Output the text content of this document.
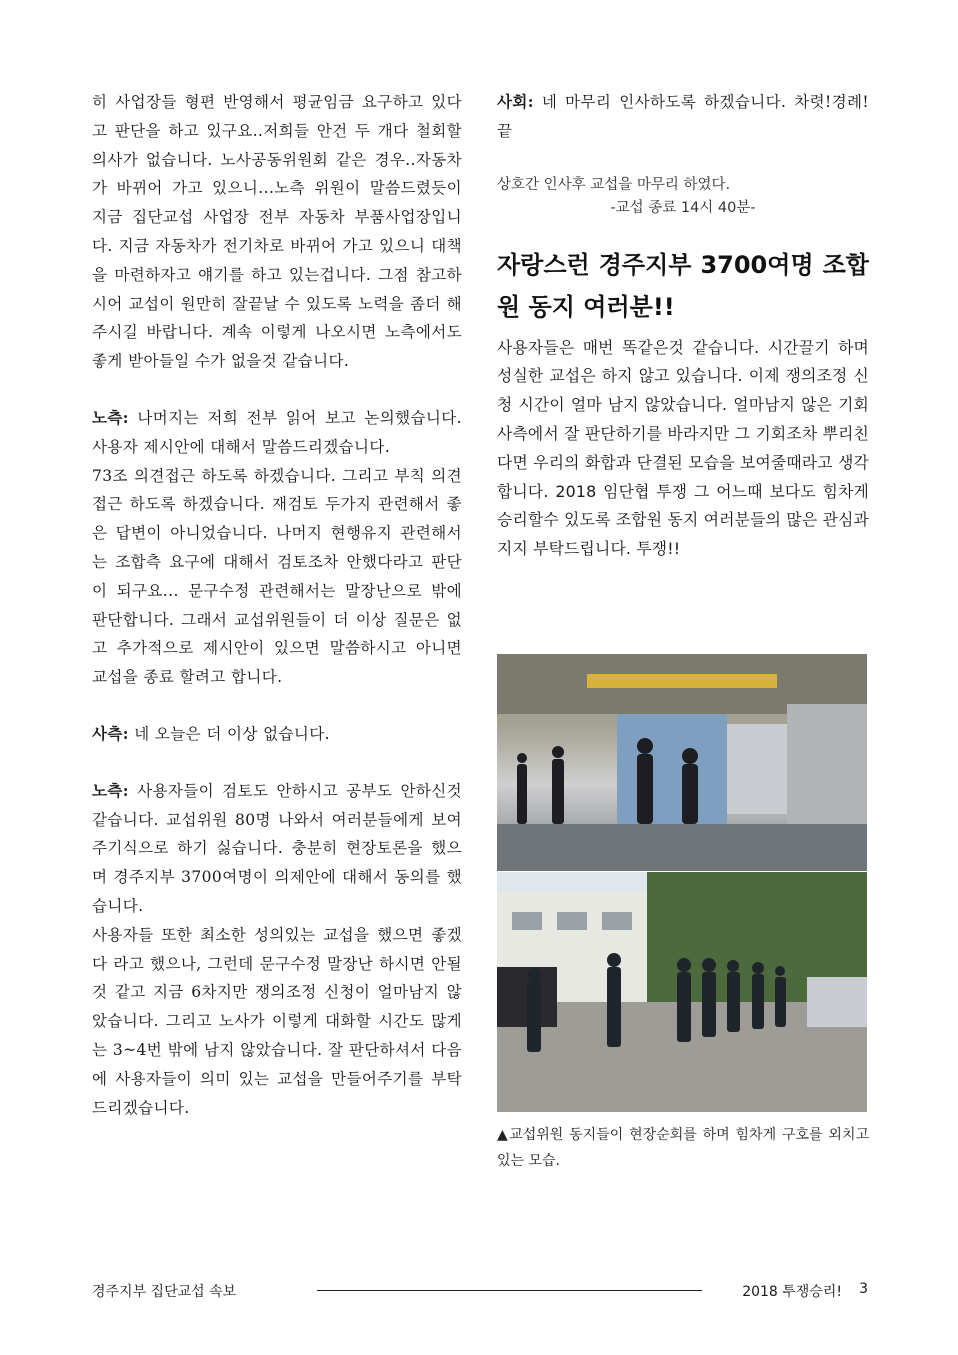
히 사업장들 형편 반영해서 평균임금 요구하고 있다고 판단을 하고 있구요..저희들 안건 두 개다 철회할 의사가 없습니다. 노사공동위원회 같은 경우..자동차가 바뀌어 가고 있으니...노측 위원이 말씀드렸듯이 지금 집단교섭 사업장 전부 자동차 부품사업장입니다. 지금 자동차가 전기차로 바뀌어 가고 있으니 대책을 마련하자고 얘기를 하고 있는겁니다. 그점 참고하시어 교섭이 원만히 잘끝날 수 있도록 노력을 좀더 해주시길 바랍니다. 계속 이렇게 나오시면 노측에서도 좋게 받아들일 수가 없을것 같습니다.

노측: 나머지는 저희 전부 읽어 보고 논의했습니다. 사용자 제시안에 대해서 말씀드리겠습니다.

73조 의견접근 하도록 하겠습니다. 그리고 부칙 의견접근 하도록 하겠습니다. 재검토 두가지 관련해서 좋은 답변이 아니었습니다. 나머지 현행유지 관련해서는 조합측 요구에 대해서 검토조차 안했다라고 판단이 되구요... 문구수정 관련해서는 말장난으로 밖에 판단합니다. 그래서 교섭위원들이 더 이상 질문은 없고 추가적으로 제시안이 있으면 말씀하시고 아니면 교섭을 종료 할려고 합니다.

사측: 네 오늘은 더 이상 없습니다.

노측: 사용자들이 검토도 안하시고 공부도 안하신것 같습니다. 교섭위원 80명 나와서 여러분들에게 보여주기식으로 하기 싫습니다. 충분히 현장토론을 했으며 경주지부 3700여명이 의제안에 대해서 동의를 했습니다.

사용자들 또한 최소한 성의있는 교섭을 했으면 좋겠다 라고 했으나, 그런데 문구수정 말장난 하시면 안될것 같고 지금 6차지만 쟁의조정 신청이 얼마남지 않았습니다. 그리고 노사가 이렇게 대화할 시간도 많게는 3~4번 밖에 남지 않았습니다. 잘 판단하셔서 다음에 사용자들이 의미 있는 교섭을 만들어주기를 부탁드리겠습니다.

사회: 네 마무리 인사하도록 하겠습니다. 차렷!경례! 끝

상호간 인사후 교섭을 마무리 하였다.

-교섭 종료 14시 40분-

자랑스런 경주지부 3700여명 조합원 동지 여러분!!

사용자들은 매번 똑같은것 같습니다. 시간끌기 하며 성실한 교섭은 하지 않고 있습니다. 이제 쟁의조정 신청 시간이 얼마 남지 않았습니다. 얼마남지 않은 기회 사측에서 잘 판단하기를 바라지만 그 기회조차 뿌리친다면 우리의 화합과 단결된 모습을 보여줄때라고 생각합니다. 2018 임단협 투쟁 그 어느때 보다도 힘차게 승리할수 있도록 조합원 동지 여러분들의 많은 관심과 지지 부탁드립니다. 투쟁!!

▲교섭위원 동지들이 현장순회를 하며 힘차게 구호를 외치고 있는 모습.
경주지부 집단교섭 속보	2018 투쟁승리! 3
